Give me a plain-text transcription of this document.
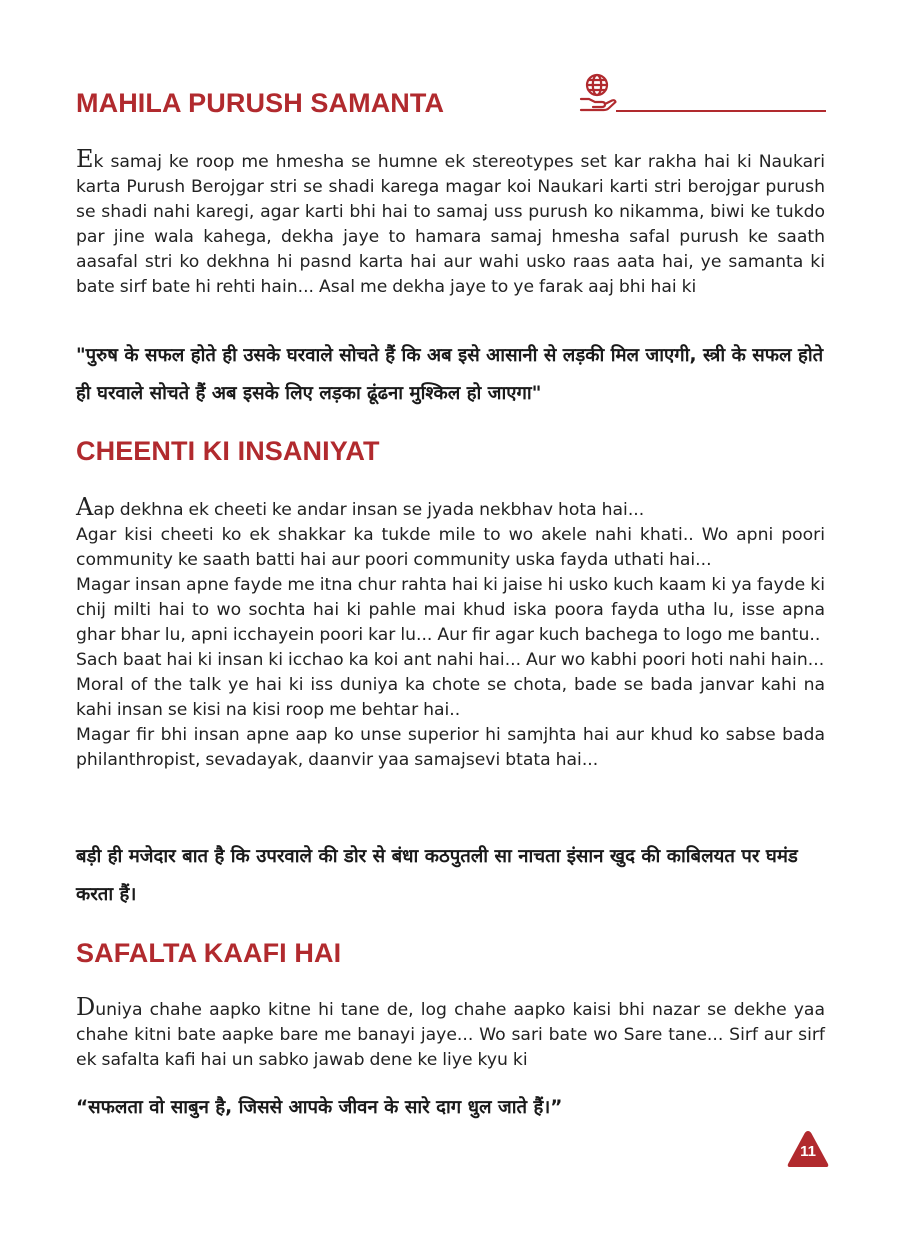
MAHILA PURUSH SAMANTA

Ek samaj ke roop me hmesha se humne ek stereotypes set kar rakha hai ki Naukari karta Purush Berojgar stri se shadi karega magar koi Naukari karti stri berojgar purush se shadi nahi karegi, agar karti bhi hai to samaj uss purush ko nikamma, biwi ke tukdo par jine wala kahega, dekha jaye to hamara samaj hmesha safal purush ke saath aasafal stri ko dekhna hi pasnd karta hai aur wahi usko raas aata hai, ye samanta ki bate sirf bate hi rehti hain... Asal me dekha jaye to ye farak aaj bhi hai ki

"पुरुष के सफल होते ही उसके घरवाले सोचते हैं कि अब इसे आसानी से लड़की मिल जाएगी, स्त्री के सफल होते ही घरवाले सोचते हैं अब इसके लिए लड़का ढूंढना मुश्किल हो जाएगा"

CHEENTI KI INSANIYAT

Aap dekhna ek cheeti ke andar insan se jyada nekbhav hota hai...

Agar kisi cheeti ko ek shakkar ka tukde mile to wo akele nahi khati.. Wo apni poori community ke saath batti hai aur poori community uska fayda uthati hai...

Magar insan apne fayde me itna chur rahta hai ki jaise hi usko kuch kaam ki ya fayde ki chij milti hai to wo sochta hai ki pahle mai khud iska poora fayda utha lu, isse apna ghar bhar lu, apni icchayein poori kar lu... Aur fir agar kuch bachega to logo me bantu..

Sach baat hai ki insan ki icchao ka koi ant nahi hai... Aur wo kabhi poori hoti nahi hain...

Moral of the talk ye hai ki iss duniya ka chote se chota, bade se bada janvar kahi na kahi insan se kisi na kisi roop me behtar hai..

Magar fir bhi insan apne aap ko unse superior hi samjhta hai aur khud ko sabse bada philanthropist, sevadayak, daanvir yaa samajsevi btata hai...

बड़ी ही मजेदार बात है कि उपरवाले की डोर से बंधा कठपुतली सा नाचता इंसान खुद की काबिलयत पर घमंड करता हैं।

SAFALTA KAAFI HAI

Duniya chahe aapko kitne hi tane de, log chahe aapko kaisi bhi nazar se dekhe yaa chahe kitni bate aapke bare me banayi jaye... Wo sari bate wo Sare tane... Sirf aur sirf ek safalta kafi hai un sabko jawab dene ke liye kyu ki

“सफलता वो साबुन है, जिससे आपके जीवन के सारे दाग धुल जाते हैं।”

11
